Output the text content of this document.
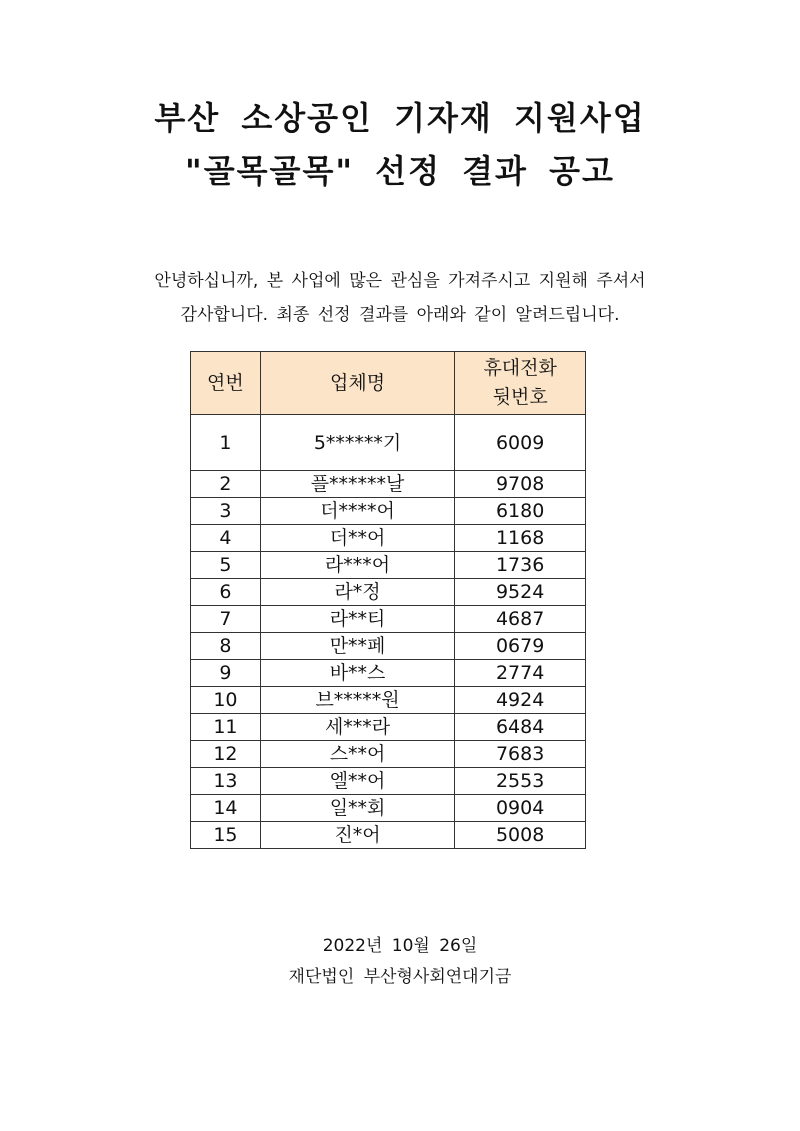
부산 소상공인 기자재 지원사업
"골목골목" 선정 결과 공고

안녕하십니까, 본 사업에 많은 관심을 가져주시고 지원해 주셔서

감사합니다. 최종 선정 결과를 아래와 같이 알려드립니다.

연번	업체명	휴대전화
뒷번호

1	5******기	6009
2	플******날	9708
3	더****어	6180
4	더**어	1168
5	라***어	1736
6	라*정	9524
7	라**티	4687
8	만**페	0679
9	바**스	2774
10	브*****원	4924
11	세***라	6484
12	스**어	7683
13	엘**어	2553
14	일**회	0904
15	진*어	5008

2022년 10월 26일

재단법인 부산형사회연대기금
